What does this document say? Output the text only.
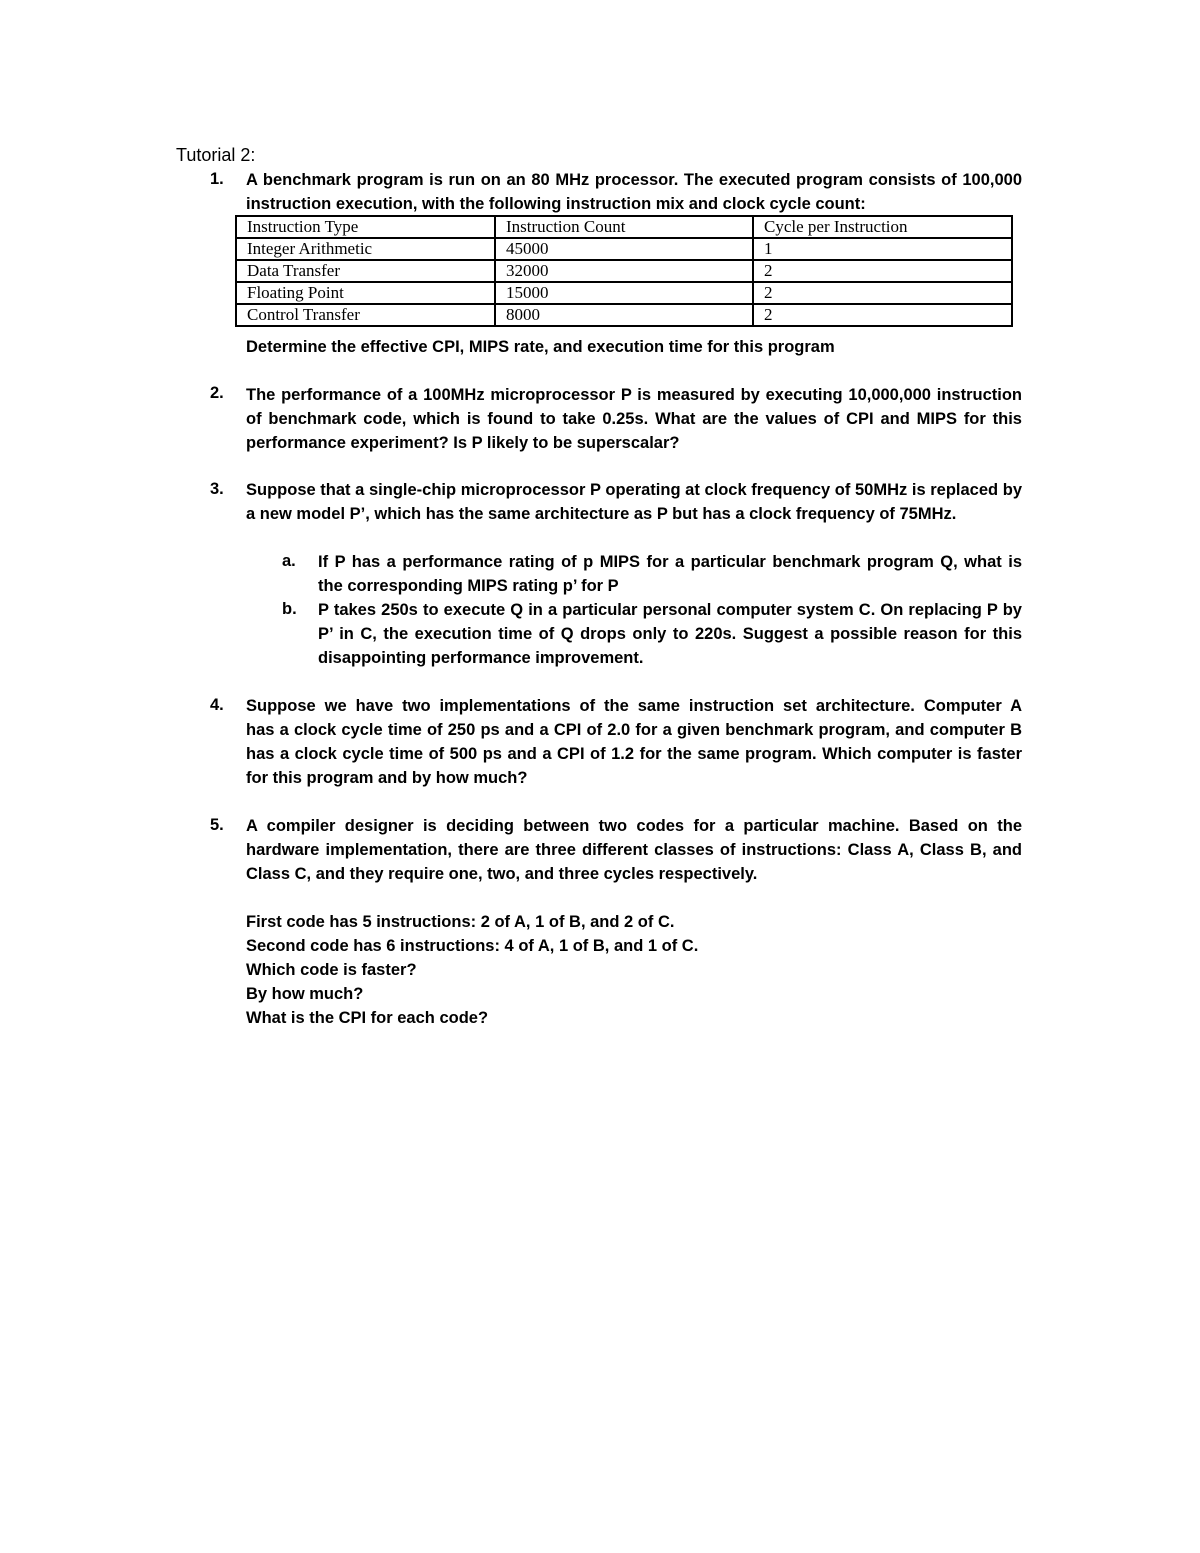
Tutorial 2:
1. A benchmark program is run on an 80 MHz processor. The executed program consists of 100,000
instruction execution, with the following instruction mix and clock cycle count:
Instruction Type	Instruction Count	Cycle per Instruction
Integer Arithmetic	45000	1
Data Transfer	32000	2
Floating Point	15000	2
Control Transfer	8000	2
Determine the effective CPI, MIPS rate, and execution time for this program
2. The performance of a 100MHz microprocessor P is measured by executing 10,000,000 instruction
of benchmark code, which is found to take 0.25s. What are the values of CPI and MIPS for this
performance experiment? Is P likely to be superscalar?
3. Suppose that a single-chip microprocessor P operating at clock frequency of 50MHz is replaced by
a new model P’, which has the same architecture as P but has a clock frequency of 75MHz.
a. If P has a performance rating of p MIPS for a particular benchmark program Q, what is
the corresponding MIPS rating p’ for P
b. P takes 250s to execute Q in a particular personal computer system C. On replacing P by
P’ in C, the execution time of Q drops only to 220s. Suggest a possible reason for this
disappointing performance improvement.
4. Suppose we have two implementations of the same instruction set architecture. Computer A
has a clock cycle time of 250 ps and a CPI of 2.0 for a given benchmark program, and computer B
has a clock cycle time of 500 ps and a CPI of 1.2 for the same program. Which computer is faster
for this program and by how much?
5. A compiler designer is deciding between two codes for a particular machine. Based on the
hardware implementation, there are three different classes of instructions: Class A, Class B, and
Class C, and they require one, two, and three cycles respectively.
First code has 5 instructions: 2 of A, 1 of B, and 2 of C.
Second code has 6 instructions: 4 of A, 1 of B, and 1 of C.
Which code is faster?
By how much?
What is the CPI for each code?
